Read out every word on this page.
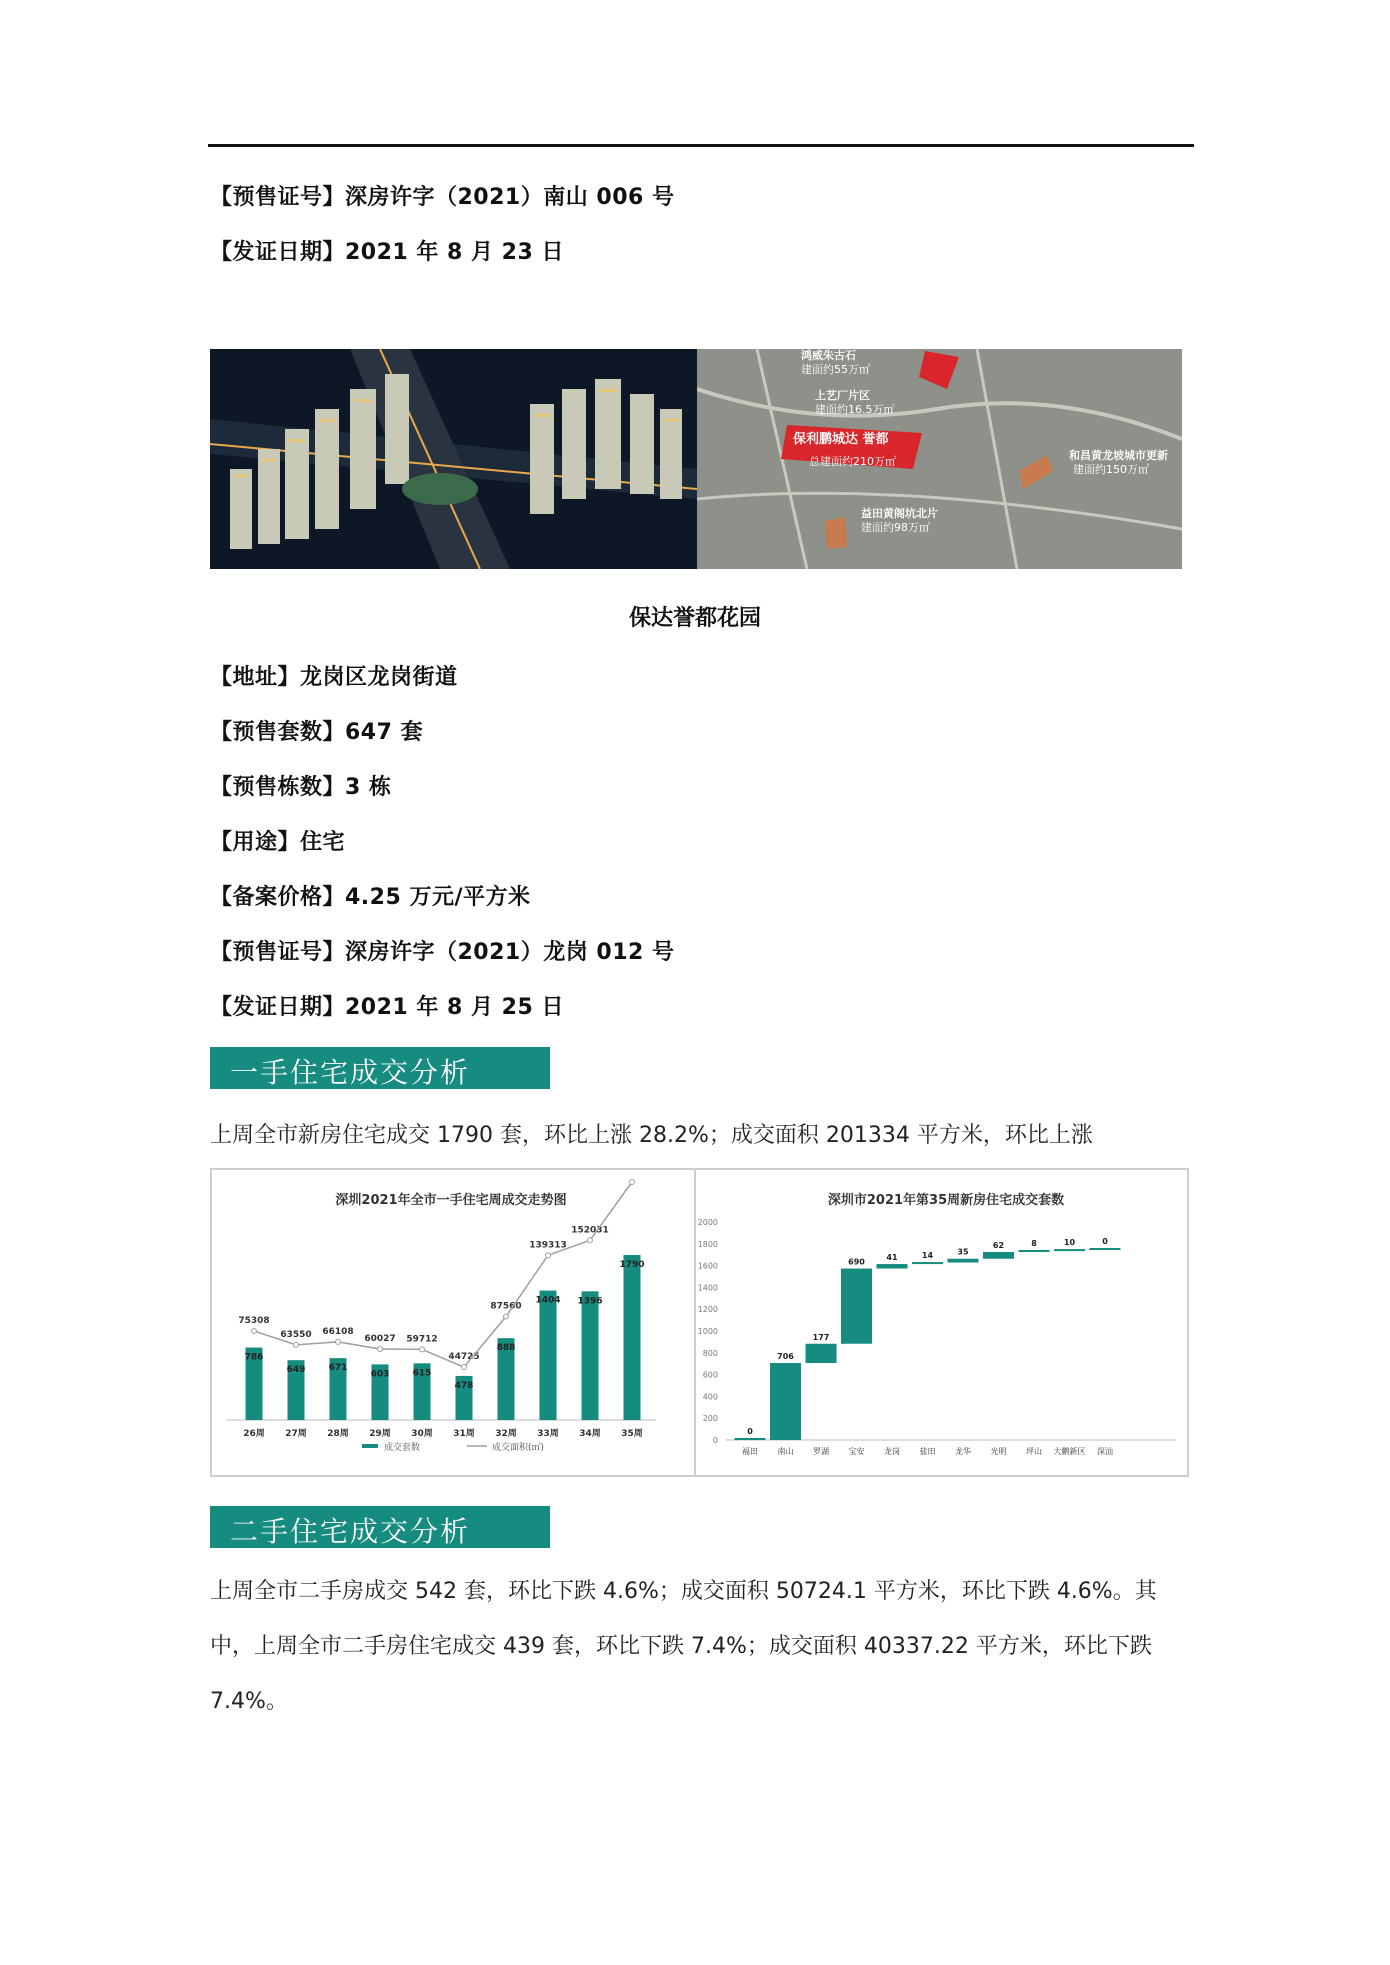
【预售证号】深房许字（2021）南山 006 号
【发证日期】2021 年 8 月 23 日
鸿威朱古石
建面约55万㎡
上艺厂片区
建面约16.5万㎡
保利鹏城达 誉都
总建面约210万㎡	和昌黄龙坡城市更新
建面约150万㎡
益田黄阁坑北片
建面约98万㎡
保达誉都花园
【地址】龙岗区龙岗街道
【预售套数】647 套
【预售栋数】3 栋
【用途】住宅
【备案价格】4.25 万元/平方米
【预售证号】深房许字（2021）龙岗 012 号
【发证日期】2021 年 8 月 25 日
一手住宅成交分析
上周全市新房住宅成交 1790 套，环比上涨 28.2%；成交面积 201334 平方米，环比上涨
深圳2021年全市一手住宅周成交走势图
786
26周
75308
649
27周
63550
671
28周
66108
603
29周
60027
615
30周
59712
478
31周
44725
888
32周
87560
1404
33周
139313
1396
34周
152031
1790
35周
成交套数	成交面积(㎡)
深圳市2021年第35周新房住宅成交套数
0
200
400
600
800
1000
1200
1400
1600
1800
2000
0
福田
706
南山
177
罗湖
690
宝安
41
龙岗
14
盐田
35
龙华
62
光明
8
坪山
10
大鹏新区
0
深汕
二手住宅成交分析
上周全市二手房成交 542 套，环比下跌 4.6%；成交面积 50724.1 平方米，环比下跌 4.6%。其中，上周全市二手房住宅成交 439 套，环比下跌 7.4%；成交面积 40337.22 平方米，环比下跌 7.4%。
